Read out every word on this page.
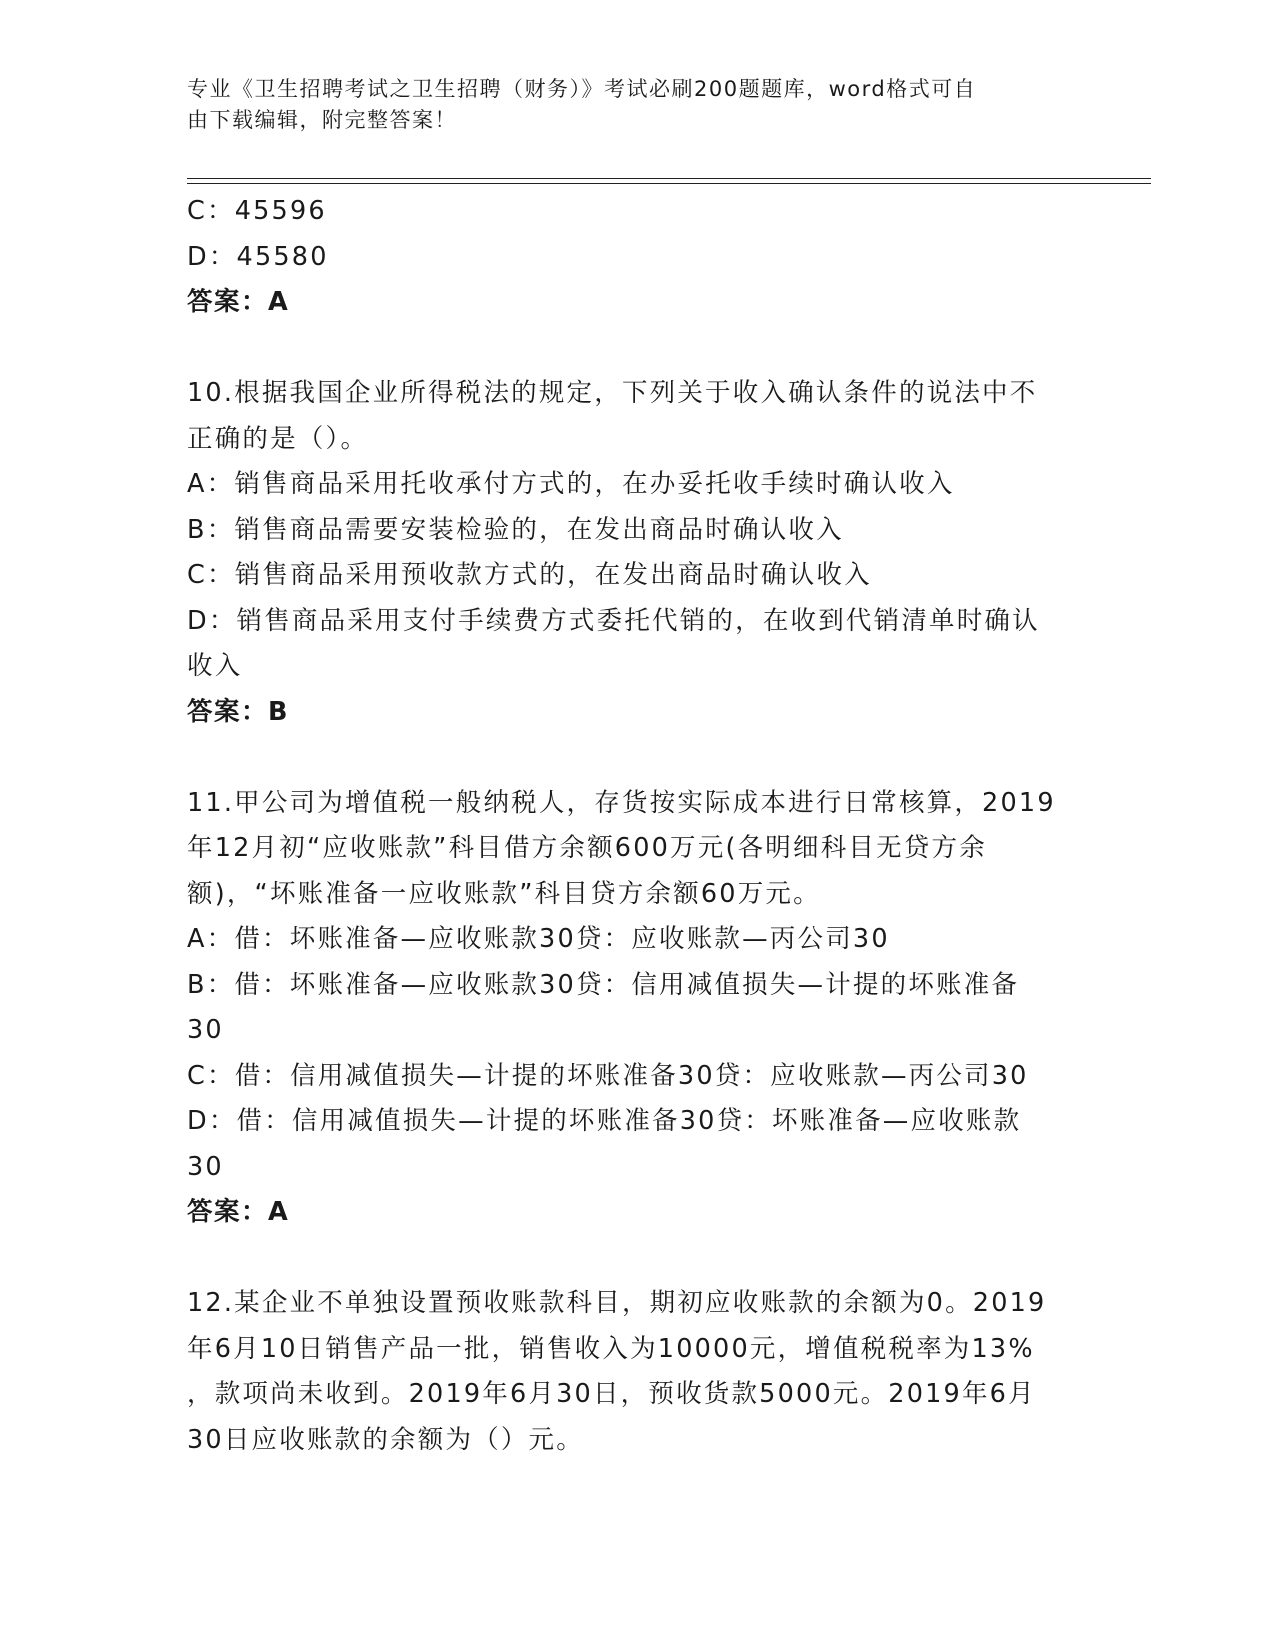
专业《卫生招聘考试之卫生招聘（财务）》考试必刷200题题库，word格式可自
由下载编辑，附完整答案！
C：45596
D：45580
答案：A
10.根据我国企业所得税法的规定，下列关于收入确认条件的说法中不
正确的是（）。
A：销售商品采用托收承付方式的，在办妥托收手续时确认收入
B：销售商品需要安装检验的，在发出商品时确认收入
C：销售商品采用预收款方式的，在发出商品时确认收入
D：销售商品采用支付手续费方式委托代销的，在收到代销清单时确认
收入
答案：B
11.甲公司为增值税一般纳税人，存货按实际成本进行日常核算，2019
年12月初“应收账款”科目借方余额600万元(各明细科目无贷方余
额)，“坏账准备一应收账款”科目贷方余额60万元。
A：借：坏账准备—应收账款30贷：应收账款—丙公司30
B：借：坏账准备—应收账款30贷：信用减值损失—计提的坏账准备
30
C：借：信用减值损失—计提的坏账准备30贷：应收账款—丙公司30
D：借：信用减值损失—计提的坏账准备30贷：坏账准备—应收账款
30
答案：A
12.某企业不单独设置预收账款科目，期初应收账款的余额为0。2019
年6月10日销售产品一批，销售收入为10000元，增值税税率为13%
，款项尚未收到。2019年6月30日，预收货款5000元。2019年6月
30日应收账款的余额为（）元。
